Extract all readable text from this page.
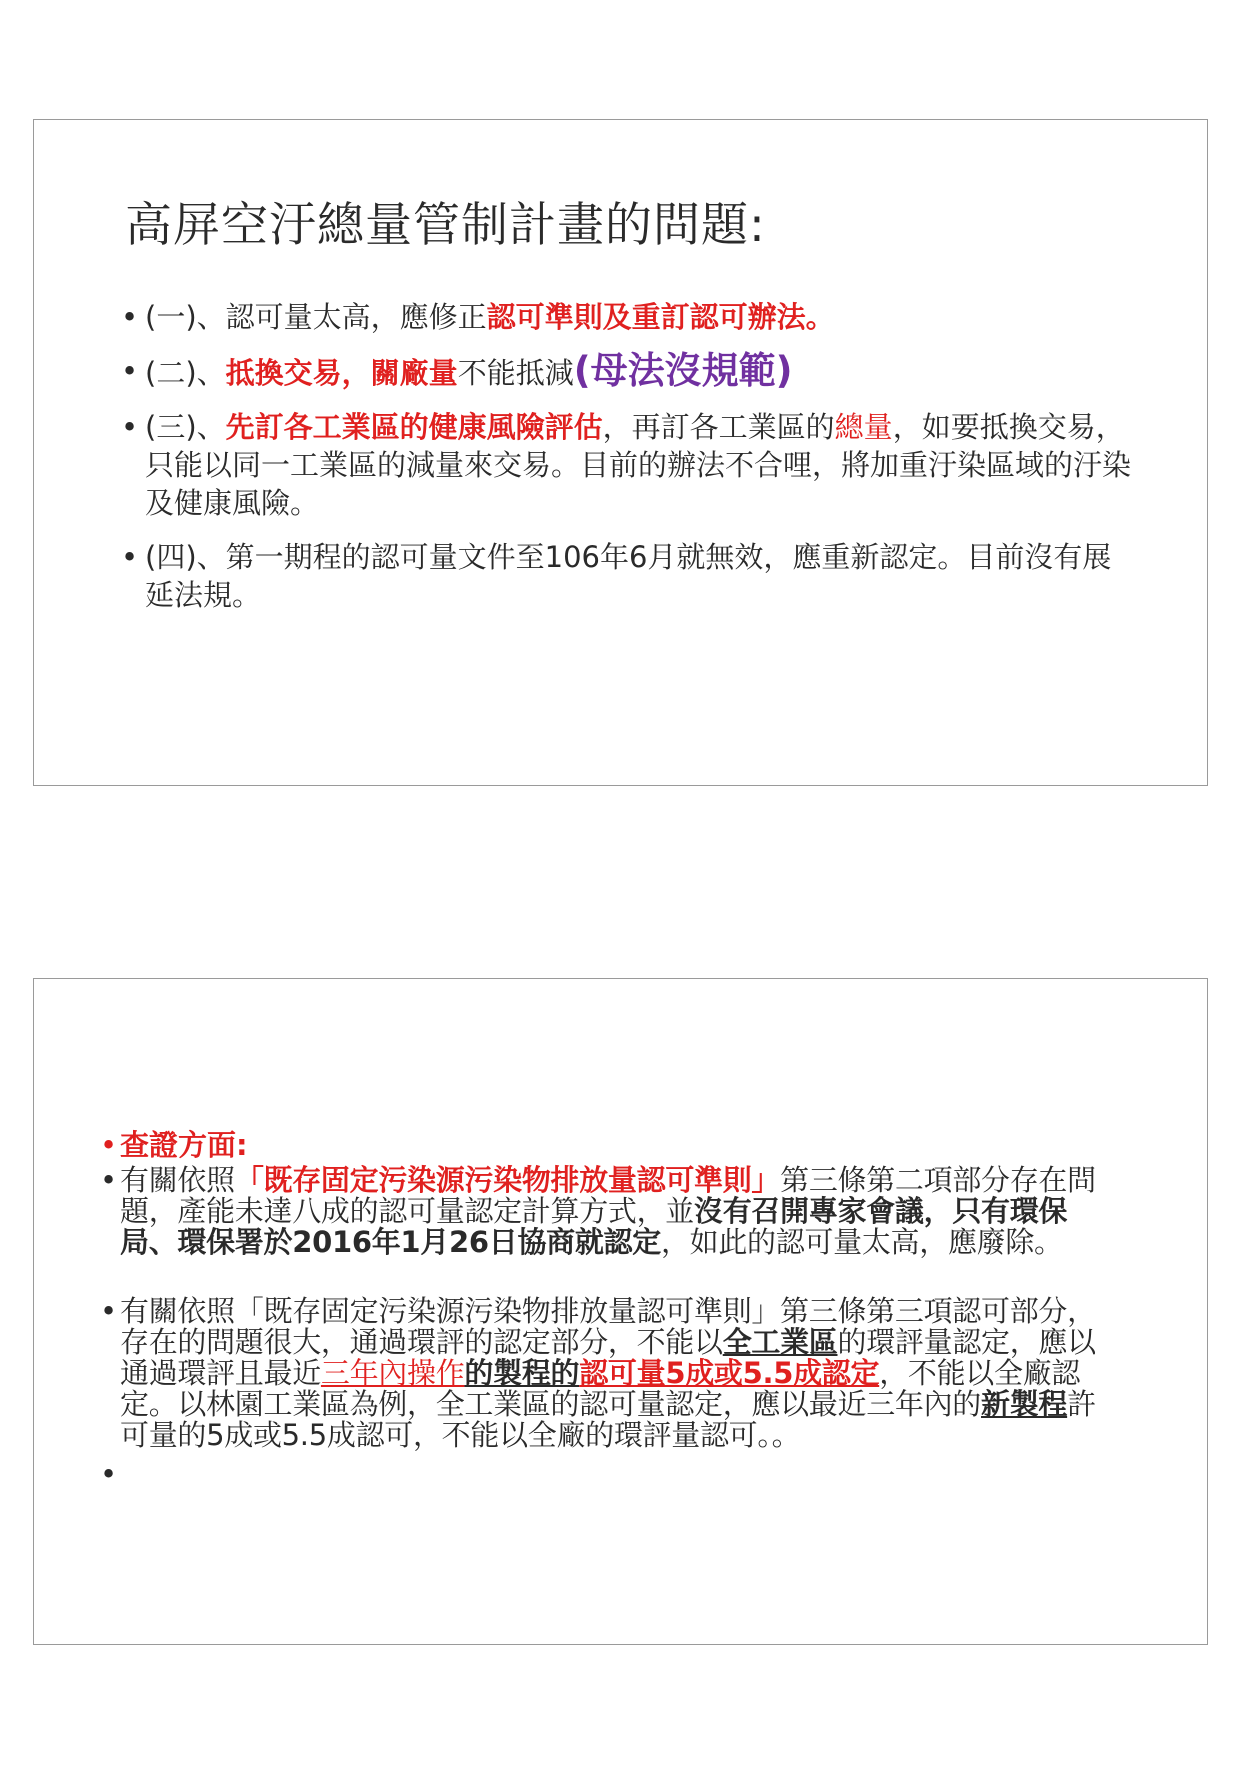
高屏空汙總量管制計畫的問題:
• (一)、認可量太高，應修正認可準則及重訂認可辦法。
• (二)、抵換交易，關廠量不能抵減(母法沒規範)
• (三)、先訂各工業區的健康風險評估，再訂各工業區的總量，如要抵換交易，只能以同一工業區的減量來交易。目前的辦法不合哩，將加重汙染區域的汙染及健康風險。
• (四)、第一期程的認可量文件至106年6月就無效，應重新認定。目前沒有展延法規。
• 查證方面:
• 有關依照「既存固定污染源污染物排放量認可準則」第三條第二項部分存在問題，產能未達八成的認可量認定計算方式，並沒有召開專家會議，只有環保局、環保署於2016年1月26日協商就認定，如此的認可量太高，應廢除。
• 有關依照「既存固定污染源污染物排放量認可準則」第三條第三項認可部分，存在的問題很大，通過環評的認定部分，不能以全工業區的環評量認定，應以通過環評且最近三年內操作的製程的認可量5成或5.5成認定，不能以全廠認定。以林園工業區為例，全工業區的認可量認定，應以最近三年內的新製程許可量的5成或5.5成認可，不能以全廠的環評量認可。。
•
